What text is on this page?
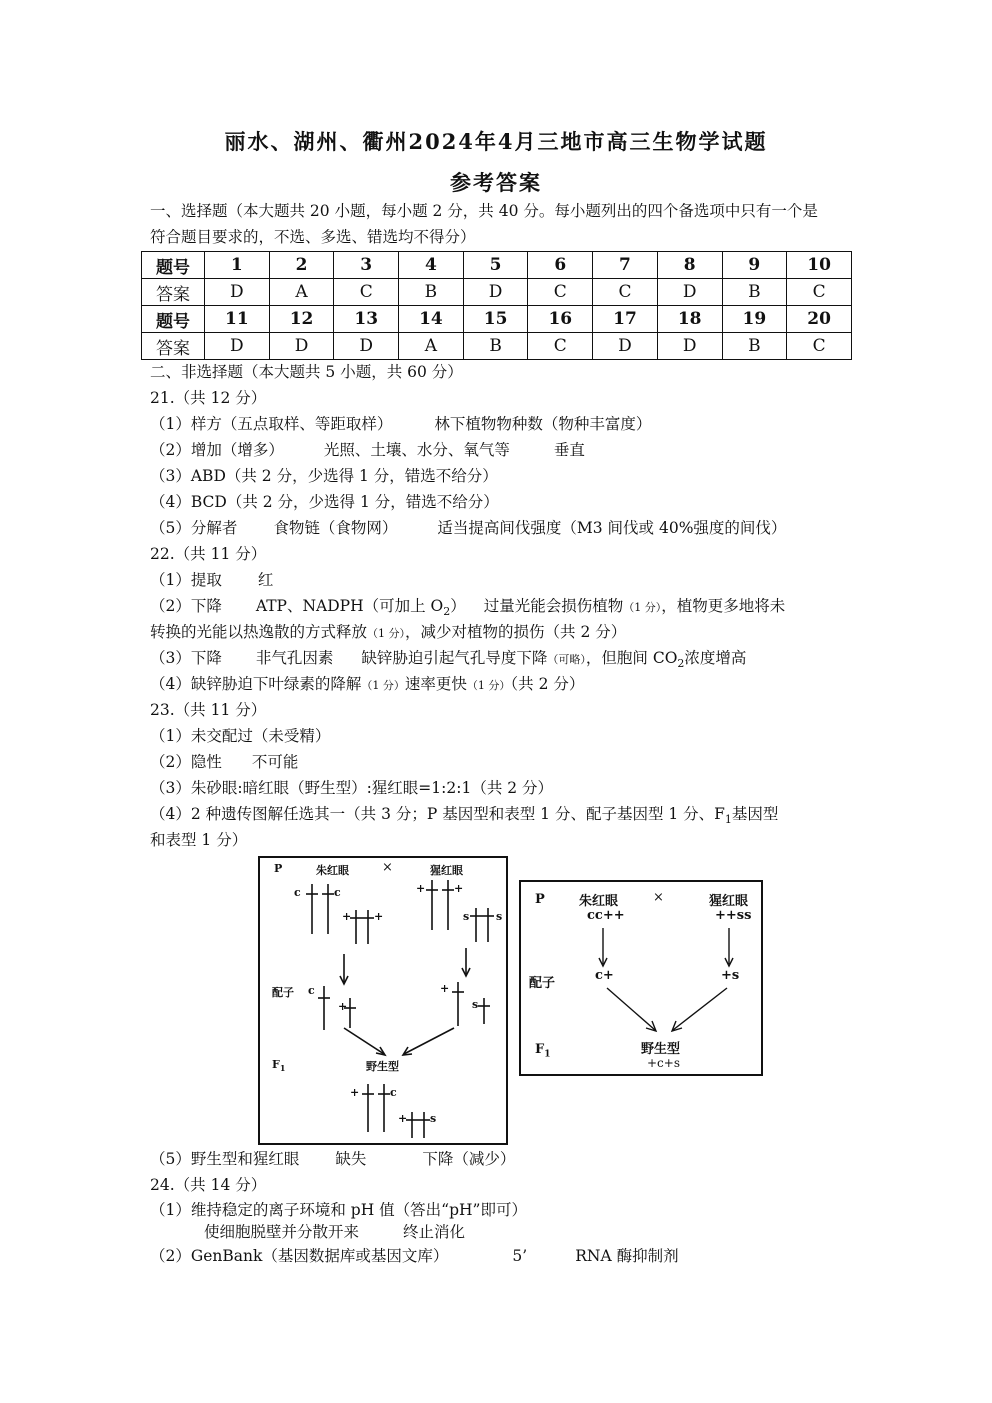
丽水、湖州、衢州2024年4月三地市高三生物学试题
参考答案
一、选择题（本大题共 20 小题，每小题 2 分，共 40 分。每小题列出的四个备选项中只有一个是
符合题目要求的，不选、多选、错选均不得分）
题号	1	2	3	4	5	6	7	8	9	10
答案	D	A	C	B	D	C	C	D	B	C
题号	11	12	13	14	15	16	17	18	19	20
答案	D	D	D	A	B	C	D	D	B	C
二、非选择题（本大题共 5 小题，共 60 分）
21.（共 12 分）
（1）样方（五点取样、等距取样）	林下植物物种数（物种丰富度）
（2）增加（增多）	光照、土壤、水分、氧气等	垂直
（3）ABD（共 2 分，少选得 1 分，错选不给分）
（4）BCD（共 2 分，少选得 1 分，错选不给分）
（5）分解者 食物链（食物网）	适当提高间伐强度（M3 间伐或 40%强度的间伐）
22.（共 11 分）
（1）提取 红
（2）下降 ATP、NADPH（可加上 $O_2$） 过量光能会损伤植物（1 分），植物更多地将未
转换的光能以热逸散的方式释放（1 分），减少对植物的损伤（共 2 分）
（3）下降 非气孔因素 缺锌胁迫引起气孔导度下降（可略），但胞间 $CO_2$浓度增高
（4）缺锌胁迫下叶绿素的降解（1 分）速率更快（1 分）（共 2 分）
23.（共 11 分）
（1）未交配过（未受精）
（2）隐性 不可能
（3）朱砂眼:暗红眼（野生型）:猩红眼=1:2:1（共 2 分）
（4）2 种遗传图解任选其一（共 3 分；P 基因型和表型 1 分、配子基因型 1 分、$F_1$基因型
和表型 1 分）
P	朱红眼	×	猩红眼
c	c
+ +
+	+
s s
配子 c
+
+
s
$F_1$	野生型
+	c
+ s
P	朱红眼	×	猩红眼
cc++	++ss
配子
c+	+s
$F_1$	野生型
+c+s
（5）野生型和猩红眼 缺失	下降（减少）
24.（共 14 分）
（1）维持稳定的离子环境和 pH 值（答出“pH”即可）
使细胞脱壁并分散开来	终止消化
（2）GenBank（基因数据库或基因文库）	5’	RNA 酶抑制剂
